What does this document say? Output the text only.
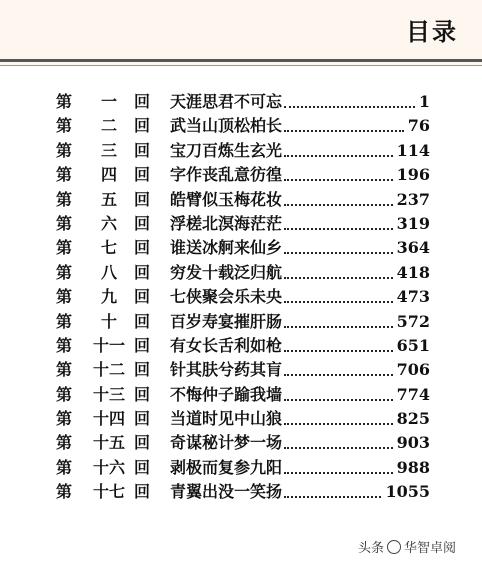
目录
第	一	回 天涯思君不可忘	1
第	二	回 武当山顶松柏长	76
第	三	回 宝刀百炼生玄光	114
第	四	回 字作丧乱意彷徨	196
第	五	回 皓臂似玉梅花妆	237
第	六	回 浮槎北溟海茫茫	319
第	七	回 谁送冰舸来仙乡	364
第	八	回 穷发十载泛归航	418
第	九	回 七侠聚会乐未央	473
第	十	回 百岁寿宴摧肝肠	572
第	十一 回 有女长舌利如枪	651
第	十二 回 针其肤兮药其肓	706
第	十三 回 不悔仲子踰我墙	774
第	十四 回 当道时见中山狼	825
第	十五 回 奇谋秘计梦一场	903
第	十六 回 剥极而复参九阳	988
第	十七 回 青翼出没一笑扬	1055
头条 华智卓阅
